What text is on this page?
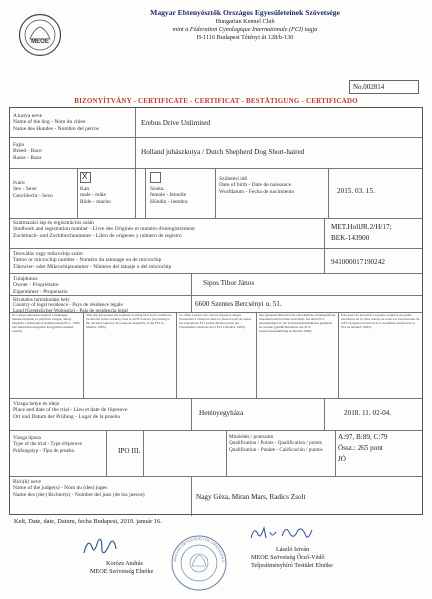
MEOE
Magyar Ebtenyésztők Országos Egyesületeinek Szövetsége
Hungarian Kennel Club
mint a Féderation Cynologique Internationale (FCI) tagja
H-1116 Budapest Tétényi út 128/b-130
No.002814
BIZONYÍTVÁNY - CERTIFICATE - CERTIFICAT - BESTÄTIGUNG - CERTIFICADO
A kutya neve
Name of the dog - Nom du chien
Name des Hundes - Nombre del perros
Erebus Drive Unlimited
Fajta
Breed - Race
Rasse - Raza
Holland juhászkutya / Dutch Shepherd Dog Short-haired
Ivaru
Sex - Sexe
Geschlecht - Sexo
X
Kan
male - mâle
Rüde - macho
Szuka
female - femelle
Hündin - hembra
Születési idő
Date of birth - Date de naissance
Wurfdatum - Fecha de nacimiento	2015. 03. 15.
Származási lap és regisztrációs szám
Studbook and registration number - Livre des Origines et numéro d'enregistrement
Zuchtbuch- und Zuchtbuchnummer - Libro de origenes y número de registro
MET.HollJR.2/H/17;
BEK-143900
Tetoválás vagy mikrochip szám
Tattoo or microchip number - Numéro du tatouage ou de microchip
Tätowier- oder Mikrochipnummer - Número del tatuaje o del microchip
941000017190242
Tulajdonos
Owner - Propriétaire
Eigentümer - Propietario
Sipos Tibor János
Hivatalos tartózkodási hely
Country of legal residence - Pays de résidence légale
Land (Gesetzlicher Wohnsitz) - Pais de residencia legal
6600 Szentes Bercsényi u. 51.
Ez a kutya sikeresen bejutott a szükséges munkavizsgálati és pályázati vizsgát, amely megfelel a nemzetközi szabályzatnak (FCI - 1983-ban Madridban megadott közgyűlési rendelet szerint).
This dog has passed the required working trial and is entitled to be entered in the working class at all FCI shows (according to the decision taken by the General Assembly of the FCI in Madrid, 1983).
Ce chien a passé avec succès l'épreuve exigée l'autorisant à s'inscrire dans la classe travail de toutes les expositions FCI (selon décision prise par l'Assemblée Générale de la FCI à Madrid, 1983).
Der genannte Hund hat die erforderliche Arbeitsprüfung bestanden und ist dazu berechtigt, bei allen FCI-Ausstellungen in der Gebrauchshundeklasse gemeldet zu werden (gemäß Beschluss der FCI-Generalversammlung in Madrid 1983).
Este perro ha aprobado la prueba exigida para poder inscribirse en la clase trabajo de todas las exposiciones de la FCI (según resolución de la Asamblea General de la FCI en Madrid, 1983).
Vizsga helye és ideje
Place and date of the trial - Lieu et date de l'épreuve
Ort und Datum der Prüfung - Lugar de la prueba	Hetényegyháza	2018. 11. 02-04.
Vizsga típusa
Type of the trial - Type d'épreuve
Prüfungstyp - Tipo de prueba	IPO III.
Minősítés / pontszám
Qualification / Points - Qualification / points
Qualification - Punkte - Calificación / puntos
A:97, B:89, C:79
Össz.: 265 pont
JÓ
Bíró(k) neve
Name of the judge(s) - Nom du (des) juges
Name des (der) Richter(s) - Nombre del juez (de los jueces)	Nagy Géza, Miran Mars, Radics Zsolt
Kelt, Date, date, Datum, fecha Budapest, 2019. január 16.
Korózs András
MEOE Szövetség Elnöke
MAGYAR EBTENYÉSZTŐK ORSZÁGOS E
László István
MEOE Szövetség Őrző-Védő
Teljesítménybíró Testület Elnöke
